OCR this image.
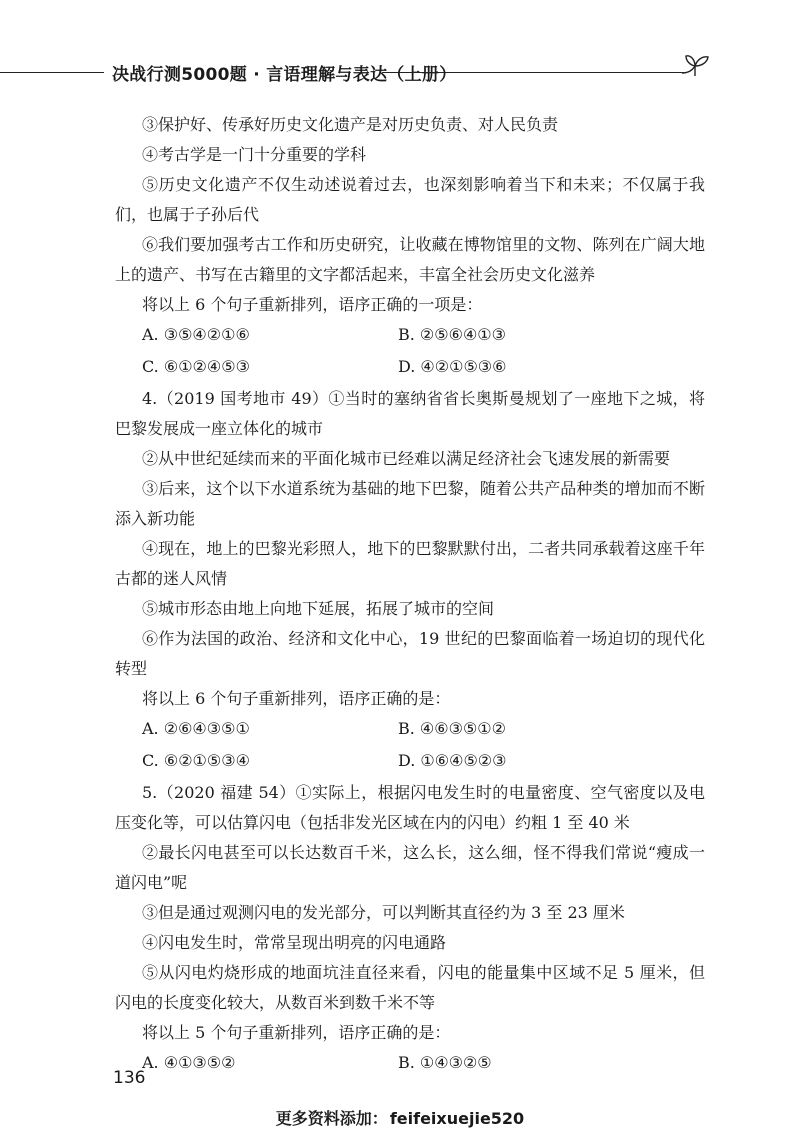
决战行测5000题 · 言语理解与表达（上册）

③保护好、传承好历史文化遗产是对历史负责、对人民负责

④考古学是一门十分重要的学科

⑤历史文化遗产不仅生动述说着过去，也深刻影响着当下和未来；不仅属于我们，也属于子孙后代

⑥我们要加强考古工作和历史研究，让收藏在博物馆里的文物、陈列在广阔大地上的遗产、书写在古籍里的文字都活起来，丰富全社会历史文化滋养

将以上 6 个句子重新排列，语序正确的一项是：

A. ③⑤④②①⑥	B. ②⑤⑥④①③
C. ⑥①②④⑤③	D. ④②①⑤③⑥

4.（2019 国考地市 49）①当时的塞纳省省长奥斯曼规划了一座地下之城，将巴黎发展成一座立体化的城市

②从中世纪延续而来的平面化城市已经难以满足经济社会飞速发展的新需要

③后来，这个以下水道系统为基础的地下巴黎，随着公共产品种类的增加而不断添入新功能

④现在，地上的巴黎光彩照人，地下的巴黎默默付出，二者共同承载着这座千年古都的迷人风情

⑤城市形态由地上向地下延展，拓展了城市的空间

⑥作为法国的政治、经济和文化中心，19 世纪的巴黎面临着一场迫切的现代化转型

将以上 6 个句子重新排列，语序正确的是：

A. ②⑥④③⑤①	B. ④⑥③⑤①②
C. ⑥②①⑤③④	D. ①⑥④⑤②③

5.（2020 福建 54）①实际上，根据闪电发生时的电量密度、空气密度以及电压变化等，可以估算闪电（包括非发光区域在内的闪电）约粗 1 至 40 米

②最长闪电甚至可以长达数百千米，这么长，这么细，怪不得我们常说“瘦成一道闪电”呢

③但是通过观测闪电的发光部分，可以判断其直径约为 3 至 23 厘米

④闪电发生时，常常呈现出明亮的闪电通路

⑤从闪电灼烧形成的地面坑洼直径来看，闪电的能量集中区域不足 5 厘米，但闪电的长度变化较大，从数百米到数千米不等

将以上 5 个句子重新排列，语序正确的是：

A. ④①③⑤②	B. ①④③②⑤
136
更多资料添加： feifeixuejie520
